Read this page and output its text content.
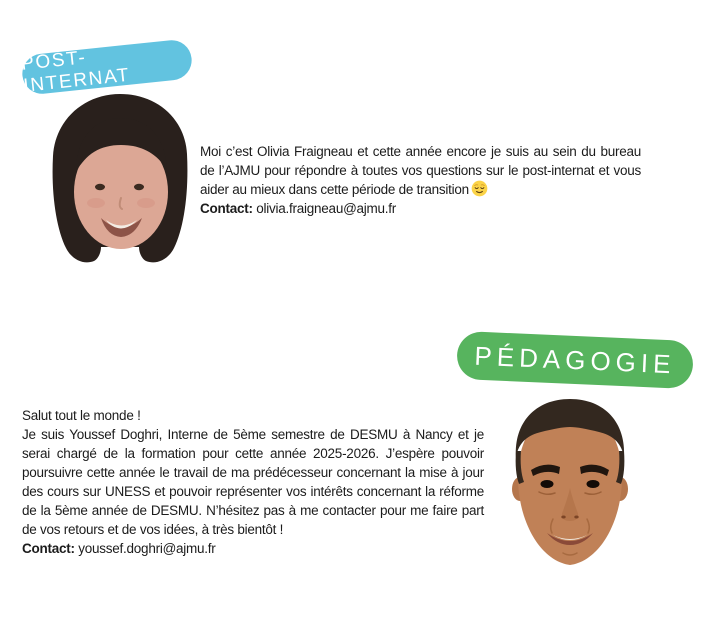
POST-INTERNAT

Moi c’est Olivia Fraigneau et cette année encore je suis au sein du bureau de l’AJMU pour répondre à toutes vos questions sur le post-internat et vous aider au mieux dans cette période de transition

Contact: olivia.fraigneau@ajmu.fr

PÉDAGOGIE

Salut tout le monde !

Je suis Youssef Doghri, Interne de 5ème semestre de DESMU à Nancy et je serai chargé de la formation pour cette année 2025-2026. J’espère pouvoir poursuivre cette année le travail de ma prédécesseur concernant la mise à jour des cours sur UNESS et pouvoir représenter vos intérêts concernant la réforme de la 5ème année de DESMU. N’hésitez pas à me contacter pour me faire part de vos retours et de vos idées, à très bientôt !

Contact: youssef.doghri@ajmu.fr
